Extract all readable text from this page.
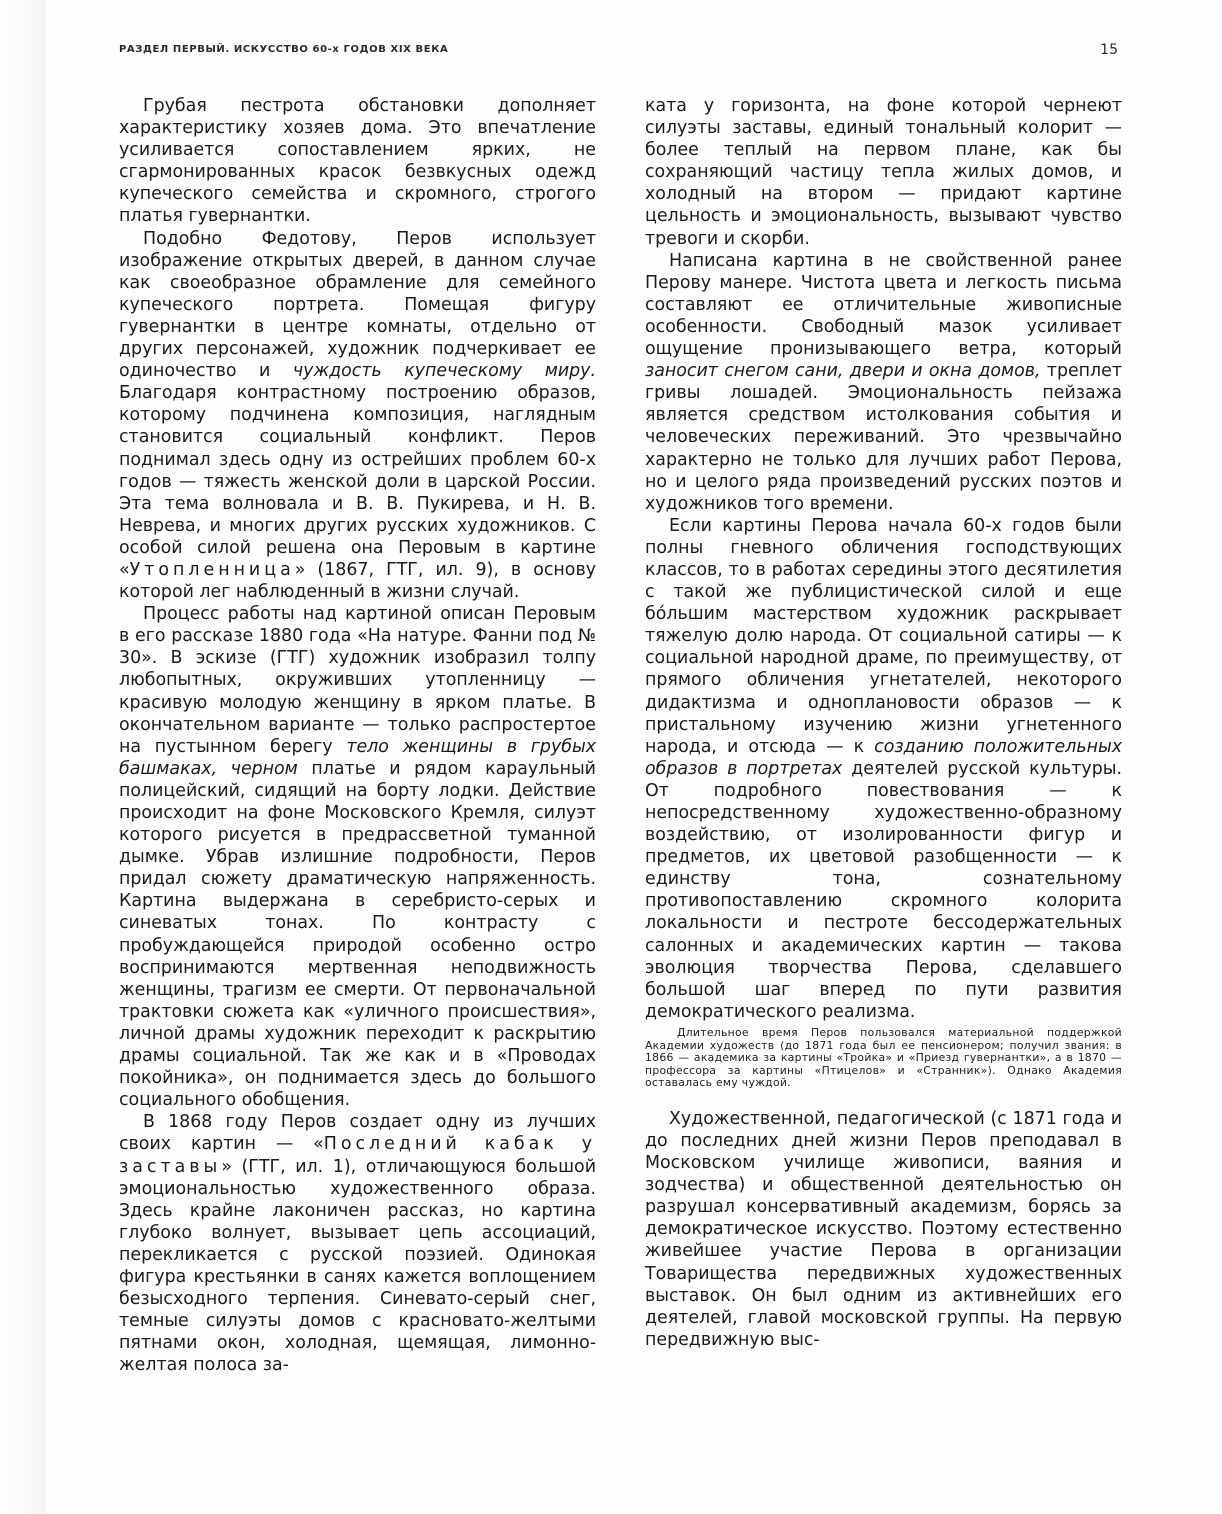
РАЗДЕЛ ПЕРВЫЙ. ИСКУССТВО 60-х ГОДОВ XIX ВЕКА	15

Грубая пестрота обстановки дополняет характеристику хозяев дома. Это впечатление усиливается сопоставлением ярких, не сгармонированных красок безвкусных одежд купеческого семейства и скромного, строгого платья гувернантки.

Подобно Федотову, Перов использует изображение открытых дверей, в данном случае как своеобразное обрамление для семейного купеческого портрета. Помещая фигуру гувернантки в центре комнаты, отдельно от других персонажей, художник подчеркивает ее одиночество и чуждость купеческому миру. Благодаря контрастному построению образов, которому подчинена композиция, наглядным становится социальный конфликт. Перов поднимал здесь одну из острейших проблем 60-х годов — тяжесть женской доли в царской России. Эта тема волновала и В. В. Пукирева, и Н. В. Неврева, и многих других русских художников. С особой силой решена она Перовым в картине «Утопленница» (1867, ГТГ, ил. 9), в основу которой лег наблюденный в жизни случай.

Процесс работы над картиной описан Перовым в его рассказе 1880 года «На натуре. Фанни под № 30». В эскизе (ГТГ) художник изобразил толпу любопытных, окруживших утопленницу — красивую молодую женщину в ярком платье. В окончательном варианте — только распростертое на пустынном берегу тело женщины в грубых башмаках, черном платье и рядом караульный полицейский, сидящий на борту лодки. Действие происходит на фоне Московского Кремля, силуэт которого рисуется в предрассветной туманной дымке. Убрав излишние подробности, Перов придал сюжету драматическую напряженность. Картина выдержана в серебристо-серых и синеватых тонах. По контрасту с пробуждающейся природой особенно остро воспринимаются мертвенная неподвижность женщины, трагизм ее смерти. От первоначальной трактовки сюжета как «уличного происшествия», личной драмы художник переходит к раскрытию драмы социальной. Так же как и в «Проводах покойника», он поднимается здесь до большого социального обобщения.

В 1868 году Перов создает одну из лучших своих картин — «Последний кабак у заставы» (ГТГ, ил. 1), отличающуюся большой эмоциональностью художественного образа. Здесь крайне лаконичен рассказ, но картина глубоко волнует, вызывает цепь ассоциаций, перекликается с русской поэзией. Одинокая фигура крестьянки в санях кажется воплощением безысходного терпения. Синевато-серый снег, темные силуэты домов с красновато-желтыми пятнами окон, холодная, щемящая, лимонно-желтая полоса за-

ката у горизонта, на фоне которой чернеют силуэты заставы, единый тональный колорит — более теплый на первом плане, как бы сохраняющий частицу тепла жилых домов, и холодный на втором — придают картине цельность и эмоциональность, вызывают чувство тревоги и скорби.

Написана картина в не свойственной ранее Перову манере. Чистота цвета и легкость письма составляют ее отличительные живописные особенности. Свободный мазок усиливает ощущение пронизывающего ветра, который заносит снегом сани, двери и окна домов, треплет гривы лошадей. Эмоциональность пейзажа является средством истолкования события и человеческих переживаний. Это чрезвычайно характерно не только для лучших работ Перова, но и целого ряда произведений русских поэтов и художников того времени.

Если картины Перова начала 60-х годов были полны гневного обличения господствующих классов, то в работах середины этого десятилетия с такой же публицистической силой и еще бо́льшим мастерством художник раскрывает тяжелую долю народа. От социальной сатиры — к социальной народной драме, по преимуществу, от прямого обличения угнетателей, некоторого дидактизма и одноплановости образов — к пристальному изучению жизни угнетенного народа, и отсюда — к созданию положительных образов в портретах деятелей русской культуры. От подробного повествования — к непосредственному художественно-образному воздействию, от изолированности фигур и предметов, их цветовой разобщенности — к единству тона, сознательному противопоставлению скромного колорита локальности и пестроте бессодержательных салонных и академических картин — такова эволюция творчества Перова, сделавшего большой шаг вперед по пути развития демократического реализма.

Длительное время Перов пользовался материальной поддержкой Академии художеств (до 1871 года был ее пенсионером; получил звания: в 1866 — академика за картины «Тройка» и «Приезд гувернантки», а в 1870 — профессора за картины «Птицелов» и «Странник»). Однако Академия оставалась ему чуждой.

Художественной, педагогической (с 1871 года и до последних дней жизни Перов преподавал в Московском училище живописи, ваяния и зодчества) и общественной деятельностью он разрушал консервативный академизм, борясь за демократическое искусство. Поэтому естественно живейшее участие Перова в организации Товарищества передвижных художественных выставок. Он был одним из активнейших его деятелей, главой московской группы. На первую передвижную выс-
